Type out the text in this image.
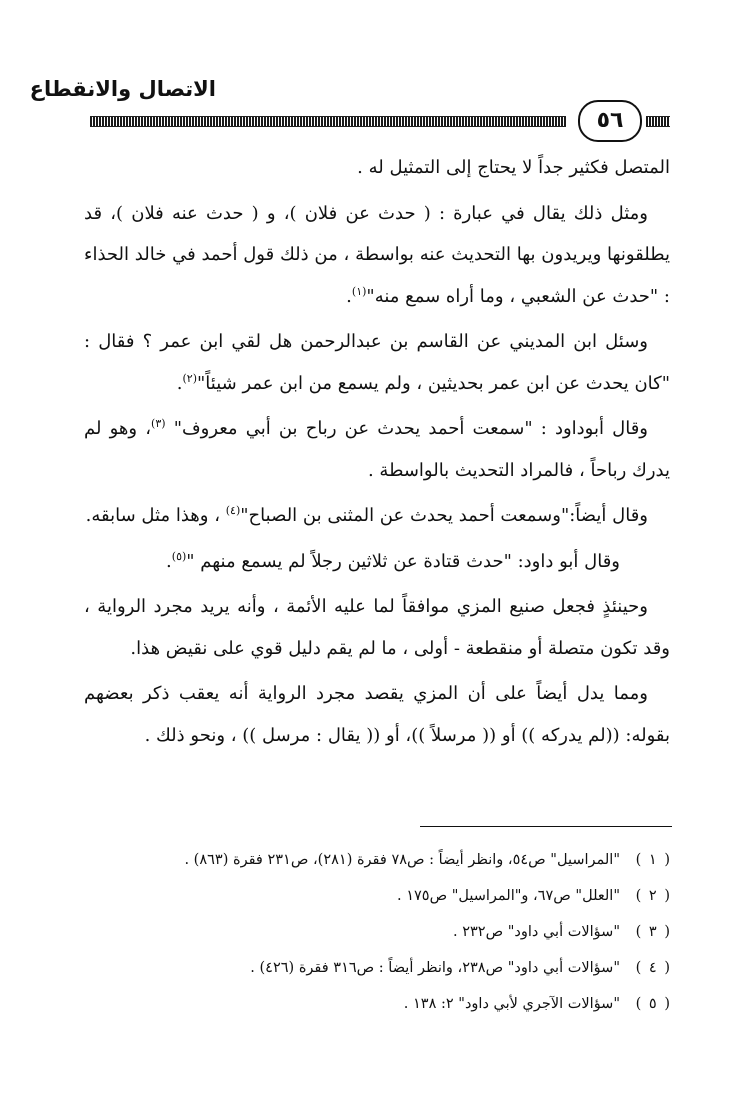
الاتصال والانقطاع
٥٦

المتصل فكثير جداً لا يحتاج إلى التمثيل له .

ومثل ذلك يقال في عبارة : ( حدث عن فلان )، و ( حدث عنه فلان )، قد يطلقونها ويريدون بها التحديث عنه بواسطة ، من ذلك قول أحمد في خالد الحذاء : "حدث عن الشعبي ، وما أراه سمع منه"$^{(١)}$.

وسئل ابن المديني عن القاسم بن عبدالرحمن هل لقي ابن عمر ؟ فقال : "كان يحدث عن ابن عمر بحديثين ، ولم يسمع من ابن عمر شيئاً"$^{(٢)}$.

وقال أبوداود : "سمعت أحمد يحدث عن رباح بن أبي معروف" $^{(٣)}$، وهو لم يدرك رباحاً ، فالمراد التحديث بالواسطة .

وقال أيضاً:"وسمعت أحمد يحدث عن المثنى بن الصباح"$^{(٤)}$ ، وهذا مثل سابقه.

وقال أبو داود: "حدث قتادة عن ثلاثين رجلاً لم يسمع منهم "$^{(٥)}$.

وحينئذٍ فجعل صنيع المزي موافقاً لما عليه الأئمة ، وأنه يريد مجرد الرواية ، وقد تكون متصلة أو منقطعة - أولى ، ما لم يقم دليل قوي على نقيض هذا.

ومما يدل أيضاً على أن المزي يقصد مجرد الرواية أنه يعقب ذكر بعضهم بقوله: ((لم يدركه )) أو (( مرسلاً ))، أو (( يقال : مرسل )) ، ونحو ذلك .

( ١ )
"المراسيل" ص٥٤، وانظر أيضاً : ص٧٨ فقرة (٢٨١)، ص٢٣١ فقرة (٨٦٣) .
( ٢ )
"العلل" ص٦٧، و"المراسيل" ص١٧٥ .
( ٣ )
"سؤالات أبي داود" ص٢٣٢ .
( ٤ )
"سؤالات أبي داود" ص٢٣٨، وانظر أيضاً : ص٣١٦ فقرة (٤٢٦) .
( ٥ )
"سؤالات الآجري لأبي داود" ٢: ١٣٨ .
